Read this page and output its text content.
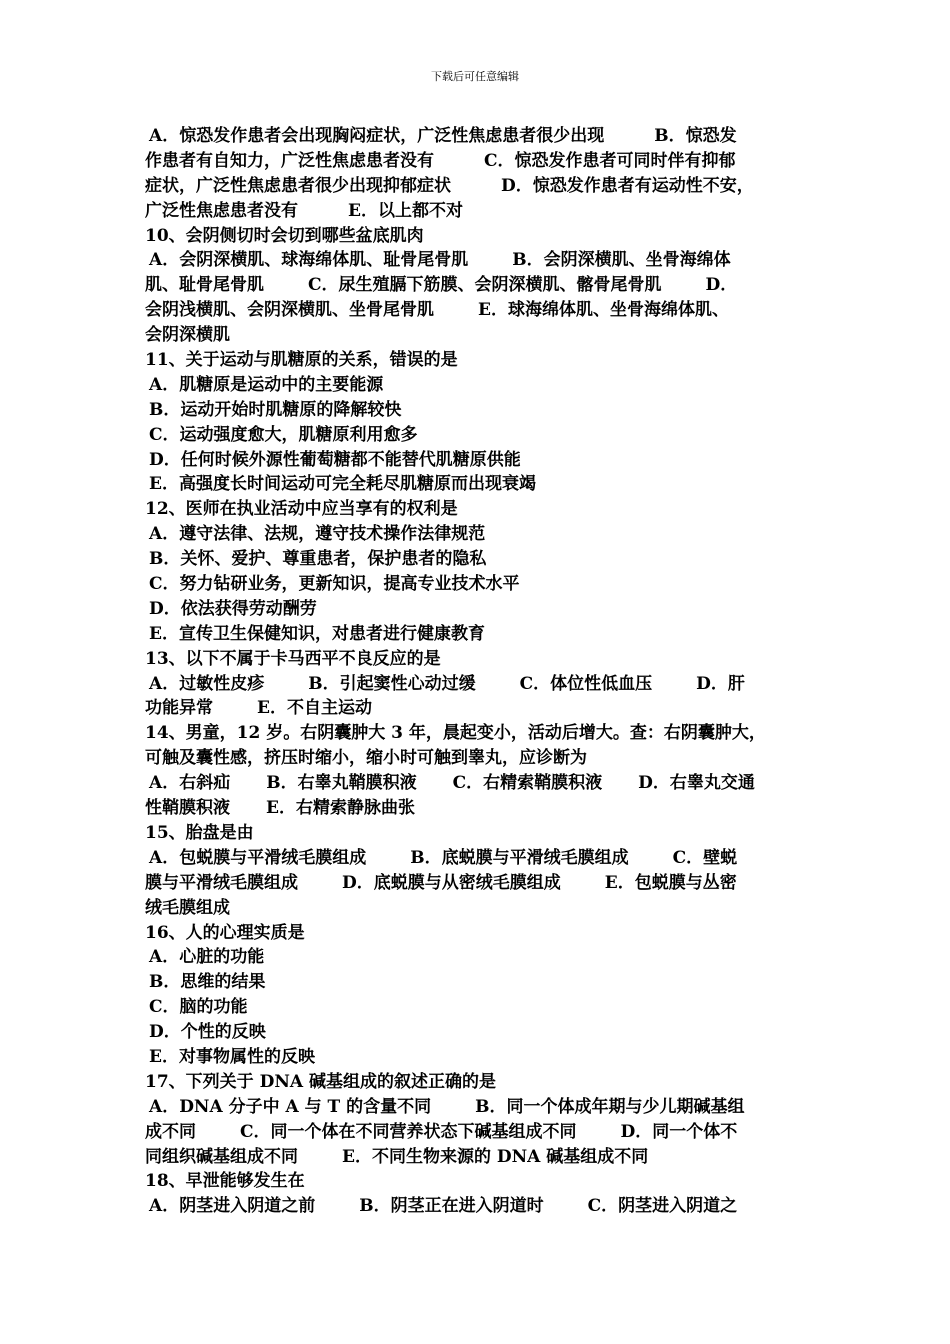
下载后可任意编辑
A．惊恐发作患者会出现胸闷症状，广泛性焦虑患者很少出现	B．惊恐发
作患者有自知力，广泛性焦虑患者没有	C．惊恐发作患者可同时伴有抑郁
症状，广泛性焦虑患者很少出现抑郁症状	D．惊恐发作患者有运动性不安，
广泛性焦虑患者没有	E．以上都不对
10、会阴侧切时会切到哪些盆底肌肉
A．会阴深横肌、球海绵体肌、耻骨尾骨肌	B．会阴深横肌、坐骨海绵体
肌、耻骨尾骨肌	C．尿生殖膈下筋膜、会阴深横肌、髂骨尾骨肌	D．
会阴浅横肌、会阴深横肌、坐骨尾骨肌	E．球海绵体肌、坐骨海绵体肌、
会阴深横肌
11、关于运动与肌糖原的关系，错误的是
A．肌糖原是运动中的主要能源
B．运动开始时肌糖原的降解较快
C．运动强度愈大，肌糖原利用愈多
D．任何时候外源性葡萄糖都不能替代肌糖原供能
E．高强度长时间运动可完全耗尽肌糖原而出现衰竭
12、医师在执业活动中应当享有的权利是
A．遵守法律、法规，遵守技术操作法律规范
B．关怀、爱护、尊重患者，保护患者的隐私
C．努力钻研业务，更新知识，提高专业技术水平
D．依法获得劳动酬劳
E．宣传卫生保健知识，对患者进行健康教育
13、以下不属于卡马西平不良反应的是
A．过敏性皮疹	B．引起窦性心动过缓	C．体位性低血压	D．肝
功能异常	E．不自主运动
14、男童，12 岁。右阴囊肿大 3 年，晨起变小，活动后增大。查：右阴囊肿大，
可触及囊性感，挤压时缩小，缩小时可触到睾丸，应诊断为
A．右斜疝 B．右睾丸鞘膜积液 C．右精索鞘膜积液 D．右睾丸交通
性鞘膜积液 E．右精索静脉曲张
15、胎盘是由
A．包蜕膜与平滑绒毛膜组成	B．底蜕膜与平滑绒毛膜组成	C．壁蜕
膜与平滑绒毛膜组成	D．底蜕膜与从密绒毛膜组成	E．包蜕膜与丛密
绒毛膜组成
16、人的心理实质是
A．心脏的功能
B．思维的结果
C．脑的功能
D．个性的反映
E．对事物属性的反映
17、下列关于 DNA 碱基组成的叙述正确的是
A．DNA 分子中 A 与 T 的含量不同	B．同一个体成年期与少儿期碱基组
成不同	C．同一个体在不同营养状态下碱基组成不同	D．同一个体不
同组织碱基组成不同	E．不同生物来源的 DNA 碱基组成不同
18、早泄能够发生在
A．阴茎进入阴道之前	B．阴茎正在进入阴道时	C．阴茎进入阴道之
